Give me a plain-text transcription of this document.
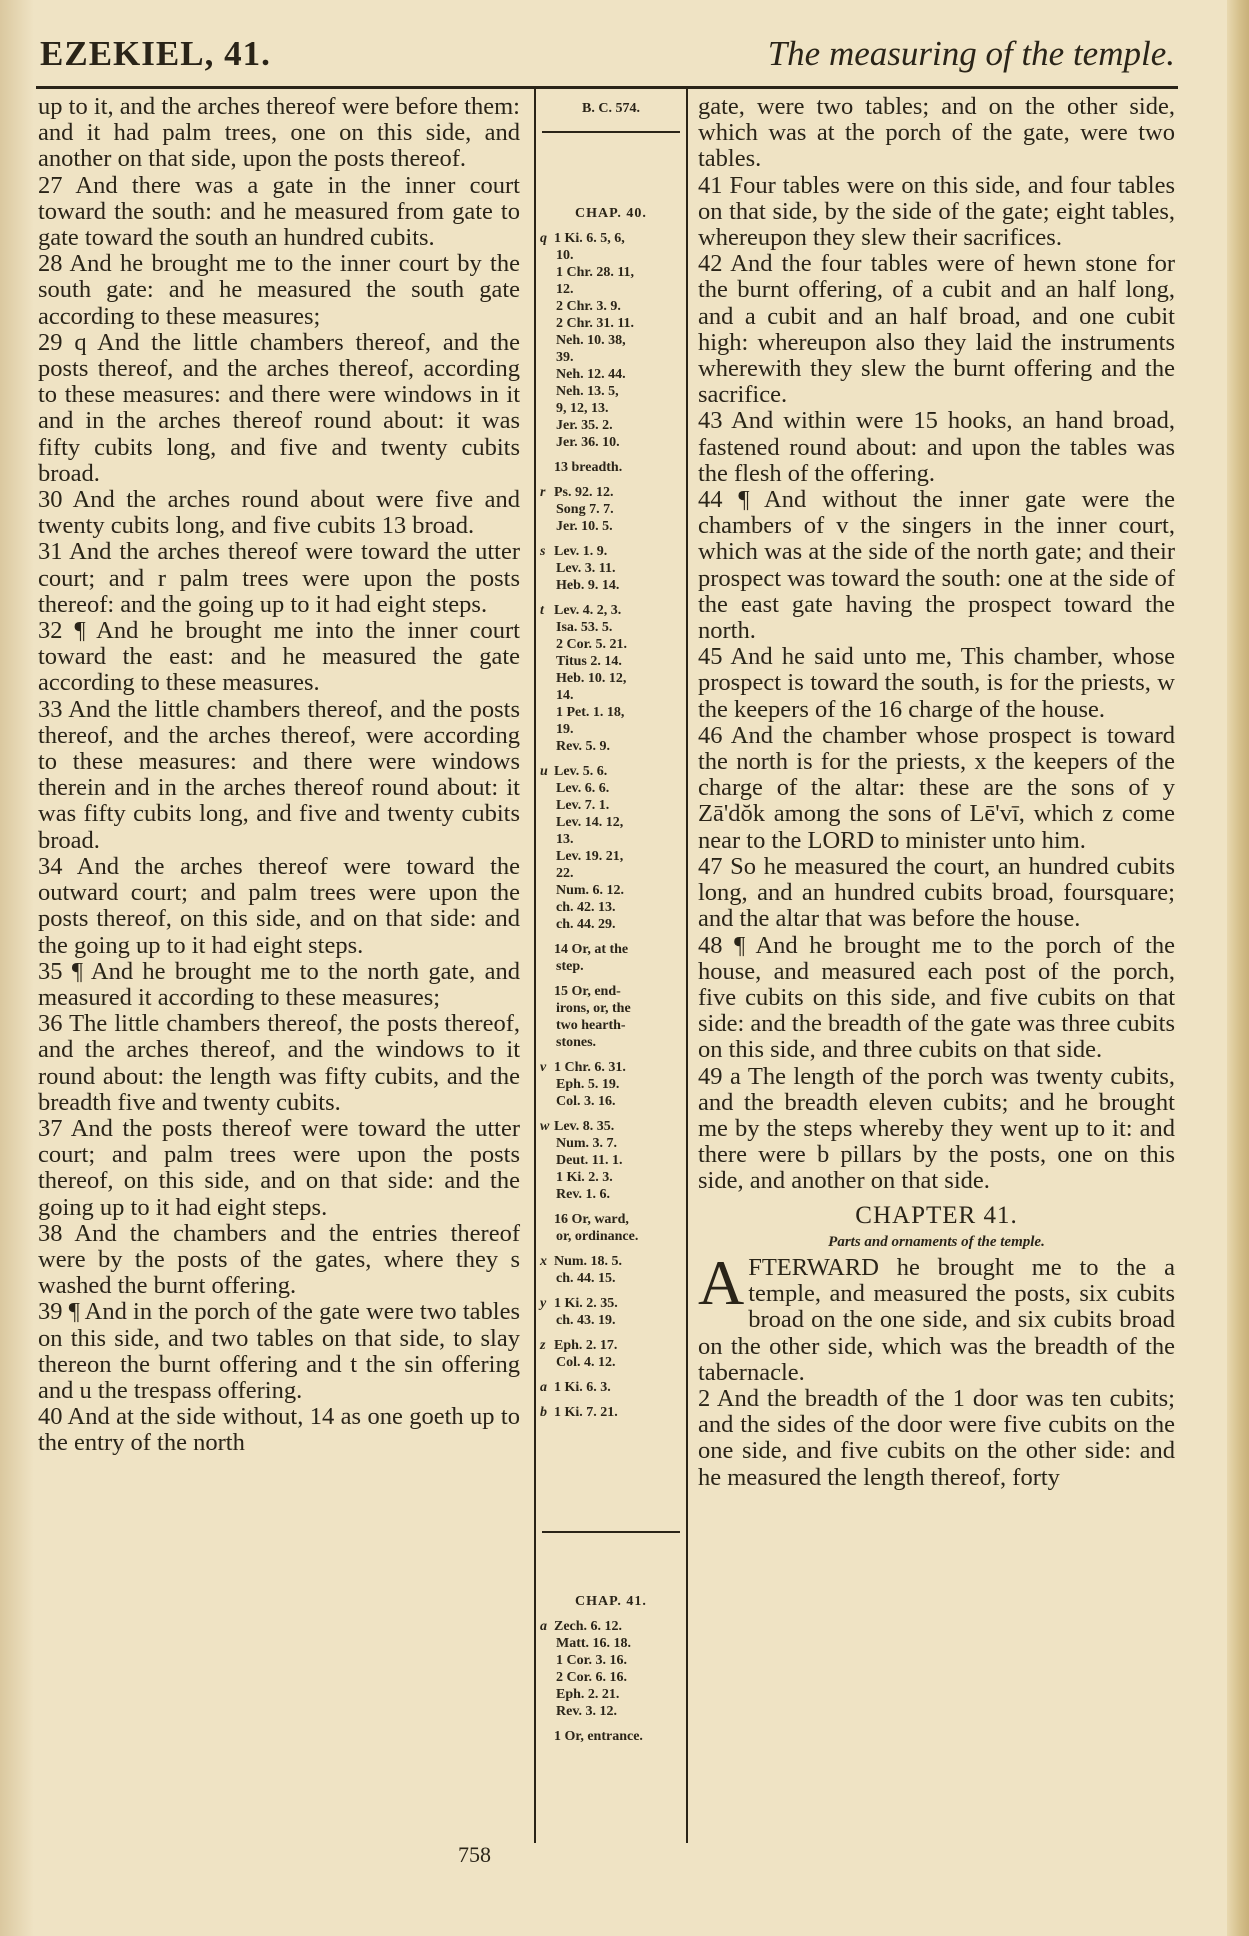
EZEKIEL, 41.	The measuring of the temple.

up to it, and the arches thereof were before them: and it had palm trees, one on this side, and another on that side, upon the posts thereof.

27 And there was a gate in the inner court toward the south: and he measured from gate to gate toward the south an hundred cubits.

28 And he brought me to the inner court by the south gate: and he measured the south gate according to these measures;

29 q And the little chambers thereof, and the posts thereof, and the arches thereof, according to these measures: and there were windows in it and in the arches thereof round about: it was fifty cubits long, and five and twenty cubits broad.

30 And the arches round about were five and twenty cubits long, and five cubits 13 broad.

31 And the arches thereof were toward the utter court; and r palm trees were upon the posts thereof: and the going up to it had eight steps.

32 ¶ And he brought me into the inner court toward the east: and he measured the gate according to these measures.

33 And the little chambers thereof, and the posts thereof, and the arches thereof, were according to these measures: and there were windows therein and in the arches thereof round about: it was fifty cubits long, and five and twenty cubits broad.

34 And the arches thereof were toward the outward court; and palm trees were upon the posts thereof, on this side, and on that side: and the going up to it had eight steps.

35 ¶ And he brought me to the north gate, and measured it according to these measures;

36 The little chambers thereof, the posts thereof, and the arches thereof, and the windows to it round about: the length was fifty cubits, and the breadth five and twenty cubits.

37 And the posts thereof were toward the utter court; and palm trees were upon the posts thereof, on this side, and on that side: and the going up to it had eight steps.

38 And the chambers and the entries thereof were by the posts of the gates, where they s washed the burnt offering.

39 ¶ And in the porch of the gate were two tables on this side, and two tables on that side, to slay thereon the burnt offering and t the sin offering and u the trespass offering.

40 And at the side without, 14 as one goeth up to the entry of the north

B. C. 574.
CHAP. 40.
q 1 Ki. 6. 5, 6,
10.
1 Chr. 28. 11,
12.
2 Chr. 3. 9.
2 Chr. 31. 11.
Neh. 10. 38,
39.
Neh. 12. 44.
Neh. 13. 5,
9, 12, 13.
Jer. 35. 2.
Jer. 36. 10.
13 breadth.
r Ps. 92. 12.
Song 7. 7.
Jer. 10. 5.
s Lev. 1. 9.
Lev. 3. 11.
Heb. 9. 14.
t Lev. 4. 2, 3.
Isa. 53. 5.
2 Cor. 5. 21.
Titus 2. 14.
Heb. 10. 12,
14.
1 Pet. 1. 18,
19.
Rev. 5. 9.
u Lev. 5. 6.
Lev. 6. 6.
Lev. 7. 1.
Lev. 14. 12,
13.
Lev. 19. 21,
22.
Num. 6. 12.
ch. 42. 13.
ch. 44. 29.
14 Or, at the
step.
15 Or, end-
irons, or, the
two hearth-
stones.
v 1 Chr. 6. 31.
Eph. 5. 19.
Col. 3. 16.
w Lev. 8. 35.
Num. 3. 7.
Deut. 11. 1.
1 Ki. 2. 3.
Rev. 1. 6.
16 Or, ward,
or, ordinance.
x Num. 18. 5.
ch. 44. 15.
y 1 Ki. 2. 35.
ch. 43. 19.
z Eph. 2. 17.
Col. 4. 12.
a 1 Ki. 6. 3.
b 1 Ki. 7. 21.
CHAP. 41.
a Zech. 6. 12.
Matt. 16. 18.
1 Cor. 3. 16.
2 Cor. 6. 16.
Eph. 2. 21.
Rev. 3. 12.
1 Or, entrance.

gate, were two tables; and on the other side, which was at the porch of the gate, were two tables.

41 Four tables were on this side, and four tables on that side, by the side of the gate; eight tables, whereupon they slew their sacrifices.

42 And the four tables were of hewn stone for the burnt offering, of a cubit and an half long, and a cubit and an half broad, and one cubit high: whereupon also they laid the instruments wherewith they slew the burnt offering and the sacrifice.

43 And within were 15 hooks, an hand broad, fastened round about: and upon the tables was the flesh of the offering.

44 ¶ And without the inner gate were the chambers of v the singers in the inner court, which was at the side of the north gate; and their prospect was toward the south: one at the side of the east gate having the prospect toward the north.

45 And he said unto me, This chamber, whose prospect is toward the south, is for the priests, w the keepers of the 16 charge of the house.

46 And the chamber whose prospect is toward the north is for the priests, x the keepers of the charge of the altar: these are the sons of y Zā'dŏk among the sons of Lē'vī, which z come near to the LORD to minister unto him.

47 So he measured the court, an hundred cubits long, and an hundred cubits broad, foursquare; and the altar that was before the house.

48 ¶ And he brought me to the porch of the house, and measured each post of the porch, five cubits on this side, and five cubits on that side: and the breadth of the gate was three cubits on this side, and three cubits on that side.

49 a The length of the porch was twenty cubits, and the breadth eleven cubits; and he brought me by the steps whereby they went up to it: and there were b pillars by the posts, one on this side, and another on that side.

CHAPTER 41.
Parts and ornaments of the temple.

AFTERWARD he brought me to the a temple, and measured the posts, six cubits broad on the one side, and six cubits broad on the other side, which was the breadth of the tabernacle.

2 And the breadth of the 1 door was ten cubits; and the sides of the door were five cubits on the one side, and five cubits on the other side: and he measured the length thereof, forty

758
